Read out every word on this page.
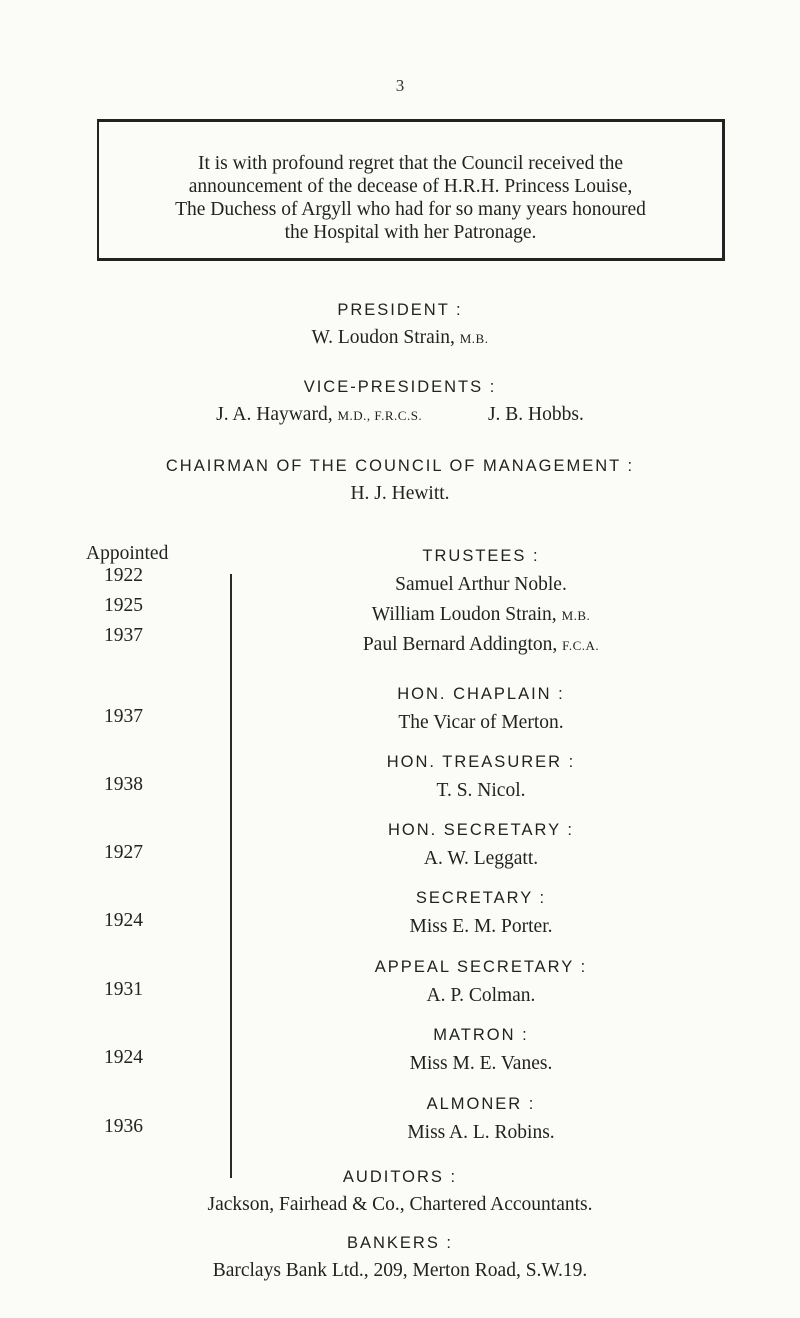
3
It is with profound regret that the Council received the
announcement of the decease of H.R.H. Princess Louise,
The Duchess of Argyll who had for so many years honoured
the Hospital with her Patronage.
PRESIDENT :
W. Loudon Strain, M.B.
VICE-PRESIDENTS :
J. A. Hayward, M.D., F.R.C.S.	J. B. Hobbs.
CHAIRMAN OF THE COUNCIL OF MANAGEMENT :
H. J. Hewitt.
Appointed	TRUSTEES :
Samuel Arthur Noble.
William Loudon Strain, M.B.
Paul Bernard Addington, F.C.A.
1922
1925
1937
HON. CHAPLAIN :
The Vicar of Merton.
1937
HON. TREASURER :
T. S. Nicol.
1938
HON. SECRETARY :
A. W. Leggatt.
1927
SECRETARY :
Miss E. M. Porter.
1924
APPEAL SECRETARY :
A. P. Colman.
1931
MATRON :
Miss M. E. Vanes.
1924
ALMONER :
Miss A. L. Robins.
1936
AUDITORS :
Jackson, Fairhead & Co., Chartered Accountants.
BANKERS :
Barclays Bank Ltd., 209, Merton Road, S.W.19.
